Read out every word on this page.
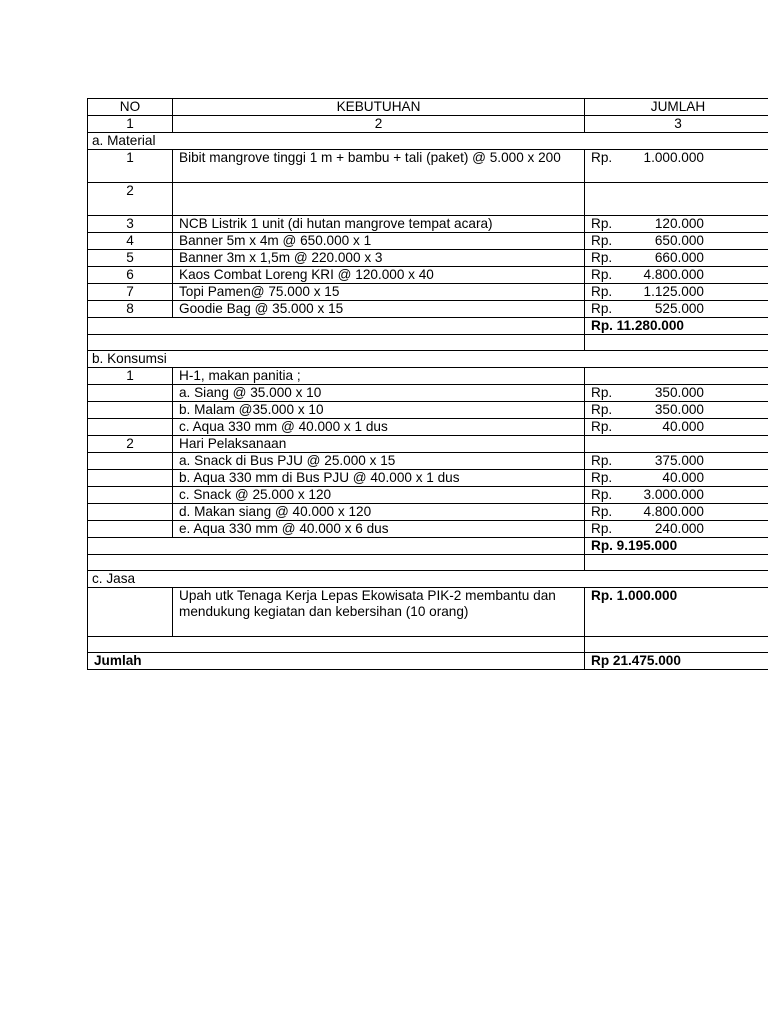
NO	KEBUTUHAN	JUMLAH
1	2	3
a. Material		
1	Bibit mangrove tinggi 1 m + bambu + tali (paket) @ 5.000 x 200	Rp. 1.000.000

2		

3	NCB Listrik 1 unit (di hutan mangrove tempat acara)	Rp. 120.000

4	Banner 5m x 4m @ 650.000 x 1	Rp. 650.000

5	Banner 3m x 1,5m @ 220.000 x 3	Rp. 660.000

6	Kaos Combat Loreng KRI @ 120.000 x 40	Rp. 4.800.000

7	Topi Pamen@ 75.000 x 15	Rp. 1.125.000

8	Goodie Bag @ 35.000 x 15	Rp. 525.000

		Rp. 11.280.000

b. Konsumsi		
1	H-1, makan panitia ;	
	a. Siang @ 35.000 x 10	Rp. 350.000

	b. Malam @35.000 x 10	Rp. 350.000

	c. Aqua 330 mm @ 40.000 x 1 dus	Rp. 40.000

2	Hari Pelaksanaan	
	a. Snack di Bus PJU @ 25.000 x 15	Rp. 375.000

	b. Aqua 330 mm di Bus PJU @ 40.000 x 1 dus	Rp. 40.000

	c. Snack @ 25.000 x 120	Rp. 3.000.000

	d. Makan siang @ 40.000 x 120	Rp. 4.800.000

	e. Aqua 330 mm @ 40.000 x 6 dus	Rp. 240.000

		Rp. 9.195.000

c. Jasa		
	Upah utk Tenaga Kerja Lepas Ekowisata PIK-2 membantu dan mendukung kegiatan dan kebersihan (10 orang)	Rp. 1.000.000

Jumlah		Rp 21.475.000
